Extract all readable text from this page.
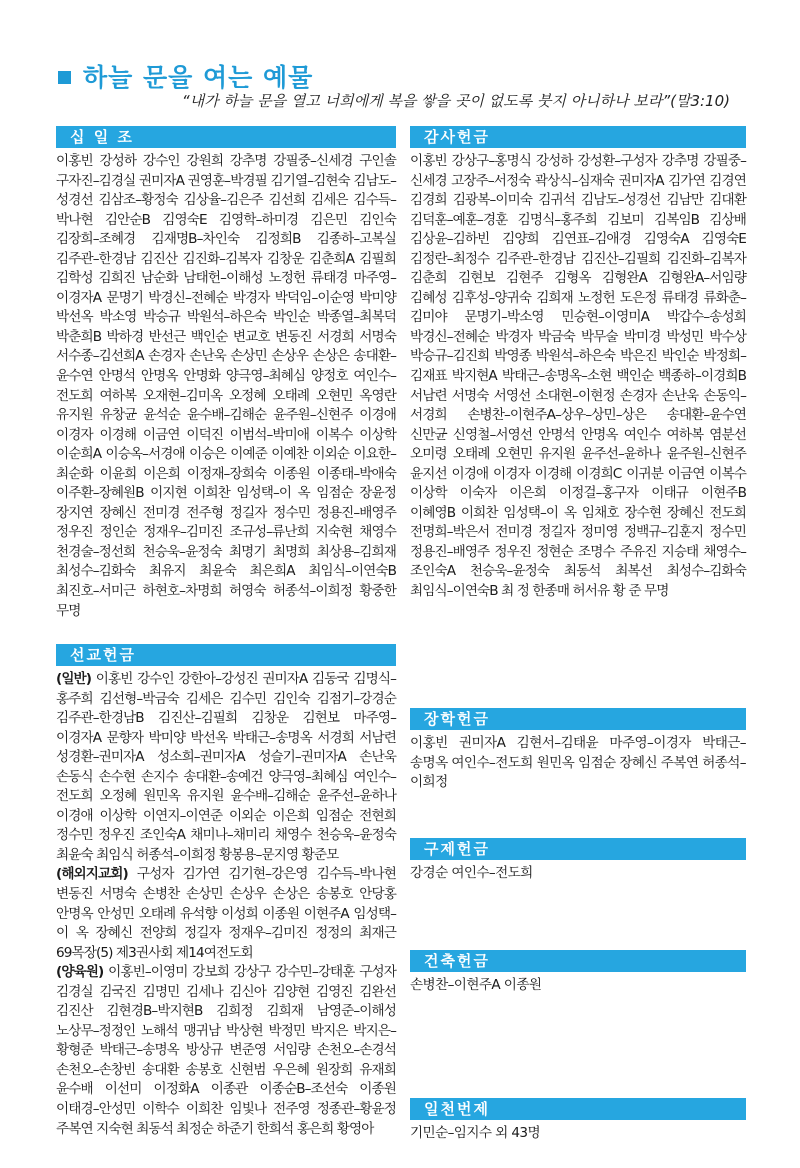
하늘 문을 여는 예물
“내가 하늘 문을 열고 너희에게 복을 쌓을 곳이 없도록 붓지 아니하나 보라”(말3:10)
십 일 조
이홍빈 강성하 강수인 강원희 강추명 강필중–신세경 구인솔 구자진–김경실 권미자A 권영훈–박경필 김기열–김현숙 김남도–성경선 김삼조–황정숙 김상율–김은주 김선희 김세은 김수득–박나현 김안순B 김영숙E 김영학–하미경 김은민 김인숙 김장희–조혜경 김재명B–차인숙 김정희B 김종하–고복실 김주관–한경남 김진산 김진화–김복자 김창운 김춘희A 김필희 김학성 김희진 남순화 남태헌–이해성 노정헌 류태경 마주영–이경자A 문명기 박경신–전혜순 박경자 박덕임–이순영 박미양 박선옥 박소영 박승규 박원석–하은숙 박인순 박종열–최복덕 박춘희B 박하경 반선근 백인순 변교호 변동진 서경희 서명숙 서수종–김선희A 손경자 손난욱 손상민 손상우 손상은 송대환–윤수연 안명석 안명옥 안명화 양극영–최혜심 양정호 여인수–전도희 여하복 오재현–김미옥 오정혜 오태례 오현민 옥영란 유지원 유창균 윤석순 윤수배–김해순 윤주원–신현주 이경애 이경자 이경해 이금연 이덕진 이범석–박미애 이복수 이상학 이순희A 이승옥–서경애 이승은 이예준 이예찬 이외순 이요한–최순화 이윤희 이은희 이정재–장희숙 이종원 이종태–박애숙 이주환–장혜원B 이지현 이희찬 임성택–이 옥 임점순 장윤정 장지연 장혜신 전미경 전주형 정길자 정수민 정용진–배영주 정우진 정인순 정재우–김미진 조규성–류난희 지숙현 채영수 천경술–정선희 천승욱–윤정숙 최명기 최명희 최상용–김희재 최성수–김화숙 최유지 최윤숙 최은희A 최임식–이연숙B 최진호–서미근 하현호–차명희 허영숙 허종석–이희정 황중한 무명
선교헌금
(일반) 이홍빈 강수인 강한아–강성진 권미자A 김동국 김명식–홍주희 김선형–박금숙 김세은 김수민 김인숙 김점기–강경순 김주관–한경남B 김진산–김필희 김창운 김현보 마주영–이경자A 문향자 박미양 박선옥 박태근–송명옥 서경희 서남련 성경환–권미자A 성소희–권미자A 성슬기–권미자A 손난욱 손동식 손수현 손지수 송대환–송예건 양극영–최혜심 여인수–전도희 오정혜 원민옥 유지원 윤수배–김해순 윤주선–윤하나 이경애 이상학 이연지–이연준 이외순 이은희 임점순 전현희 정수민 정우진 조인숙A 채미나–채미리 채영수 천승욱–윤정숙 최윤숙 최임식 허종석–이희정 황봉용–문지영 황준모
(해외지교회) 구성자 김가연 김기현–강은영 김수득–박나현 변동진 서명숙 손병찬 손상민 손상우 손상은 송봉호 안당홍 안명옥 안성민 오태례 유석향 이성희 이종원 이현주A 임성택–이 옥 장혜신 전양희 정길자 정재우–김미진 정정의 최재근 69목장(5) 제3권사회 제14여전도회
(양육원) 이홍빈–이영미 강보희 강상구 강수민–강태훈 구성자 김경실 김국진 김명민 김세나 김신아 김양현 김영진 김완선 김진산 김현경B–박지현B 김희정 김희재 남영준–이해성 노상무–정정인 노해석 맹귀남 박상현 박정민 박지은 박지은–황형준 박태근–송명옥 방상규 변준영 서임량 손천오–손경석 손천오–손창빈 송대환 송봉호 신현범 우은혜 원장희 유재희 윤수배 이선미 이정화A 이종관 이종순B–조선숙 이종원 이태경–안성민 이학수 이희찬 임빛나 전주영 정종관–황윤정 주복연 지숙현 최동석 최정순 하준기 한희석 홍은희 황영아
감사헌금
이홍빈 강상구–홍명식 강성하 강성환–구성자 강추명 강필중–신세경 고장주–서정숙 곽상식–심재숙 권미자A 김가연 김경연 김경희 김광복–이미숙 김귀석 김남도–성경선 김남만 김대환 김덕훈–예훈–경훈 김명식–홍주희 김보미 김복임B 김상배 김상윤–김하빈 김양희 김연표–김애경 김영숙A 김영숙E 김정란–최정수 김주관–한경남 김진산–김필희 김진화–김복자 김춘희 김현보 김현주 김형옥 김형완A 김형완A–서임량 김혜성 김후성–양귀숙 김희재 노정헌 도은정 류태경 류화춘–김미야 문명기–박소영 민승현–이영미A 박갑수–송성희 박경신–전혜순 박경자 박금숙 박무술 박미경 박성민 박수상 박승규–김진희 박영종 박원석–하은숙 박은진 박인순 박정희–김재표 박지현A 박태근–송명옥–소현 백인순 백종하–이경희B 서남련 서명숙 서영선 소대현–이현정 손경자 손난욱 손동익–서경희 손병찬–이현주A–상우–상민–상은 송대환–윤수연 신만균 신영철–서영선 안명석 안명옥 여인수 여하복 염분선 오미령 오태례 오현민 유지원 윤주선–윤하나 윤주원–신현주 윤지선 이경애 이경자 이경해 이경희C 이귀분 이금연 이복수 이상학 이숙자 이은희 이정걸–홍구자 이태규 이현주B 이혜영B 이희찬 임성택–이 옥 임채호 장수현 장혜신 전도희 전명희–박은서 전미경 정길자 정미영 정백규–김훈지 정수민 정용진–배영주 정우진 정현순 조명수 주유진 지승태 채영수–조인숙A 천승욱–윤정숙 최동석 최복선 최성수–김화숙 최임식–이연숙B 최 정 한종매 허서유 황 준 무명
장학헌금
이홍빈 권미자A 김현서–김태윤 마주영–이경자 박태근–송명옥 여인수–전도희 원민옥 임점순 장혜신 주복연 허종석–이희정
구제헌금
강경순 여인수–전도희
건축헌금
손병찬–이현주A 이종원
일천번제
기민순–임지수 외 43명
